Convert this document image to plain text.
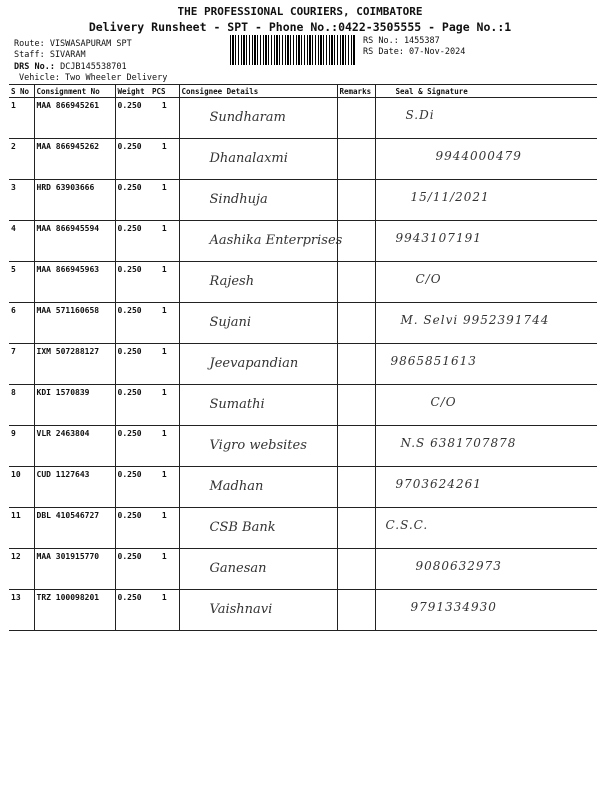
THE PROFESSIONAL COURIERS, COIMBATORE
Delivery Runsheet - SPT - Phone No.:0422-3505555 - Page No.:1
Route: VISWASAPURAM SPT
Staff: SIVARAM
DRS No.: DCJB145538701
Vehicle: Two Wheeler Delivery
RS No.: 1455387
RS Date: 07-Nov-2024
S No	Consignment No	Weight	PCS	Consignee Details	Remarks	Seal & Signature
1	MAA 866945261	0.250	1	Sundharam		S.Di

2	MAA 866945262	0.250	1	Dhanalaxmi		9944000479

3	HRD 63903666	0.250	1	Sindhuja		15/11/2021

4	MAA 866945594	0.250	1	Aashika Enterprises		9943107191

5	MAA 866945963	0.250	1	Rajesh		C/O

6	MAA 571160658	0.250	1	Sujani		M. Selvi 9952391744

7	IXM 507288127	0.250	1	Jeevapandian		9865851613

8	KDI 1570839	0.250	1	Sumathi		C/O

9	VLR 2463804	0.250	1	Vigro websites		N.S 6381707878

10	CUD 1127643	0.250	1	Madhan		9703624261

11	DBL 410546727	0.250	1	CSB Bank		C.S.C.

12	MAA 301915770	0.250	1	Ganesan		9080632973

13	TRZ 100098201	0.250	1	Vaishnavi		9791334930
